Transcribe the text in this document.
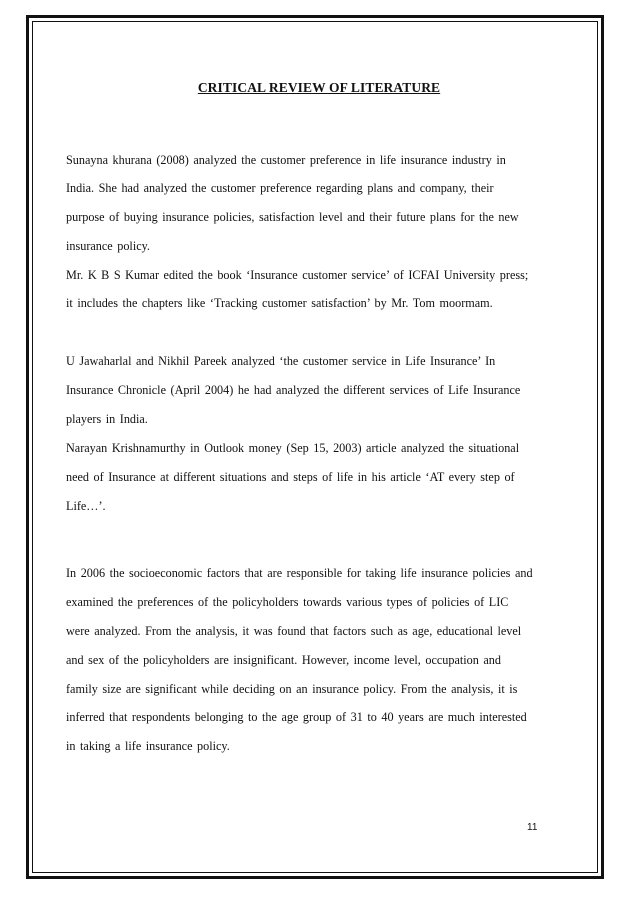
CRITICAL REVIEW OF LITERATURE
Sunayna khurana (2008) analyzed the customer preference in life insurance industry in
India. She had analyzed the customer preference regarding plans and company, their
purpose of buying insurance policies, satisfaction level and their future plans for the new
insurance policy.
Mr. K B S Kumar edited the book ‘Insurance customer service’ of ICFAI University press;
it includes the chapters like ‘Tracking customer satisfaction’ by Mr. Tom moormam.
U Jawaharlal and Nikhil Pareek analyzed ‘the customer service in Life Insurance’ In
Insurance Chronicle (April 2004) he had analyzed the different services of Life Insurance
players in India.
Narayan Krishnamurthy in Outlook money (Sep 15, 2003) article analyzed the situational
need of Insurance at different situations and steps of life in his article ‘AT every step of
Life…’.
In 2006 the socioeconomic factors that are responsible for taking life insurance policies and
examined the preferences of the policyholders towards various types of policies of LIC
were analyzed. From the analysis, it was found that factors such as age, educational level
and sex of the policyholders are insignificant. However, income level, occupation and
family size are significant while deciding on an insurance policy. From the analysis, it is
inferred that respondents belonging to the age group of 31 to 40 years are much interested
in taking a life insurance policy.
11
